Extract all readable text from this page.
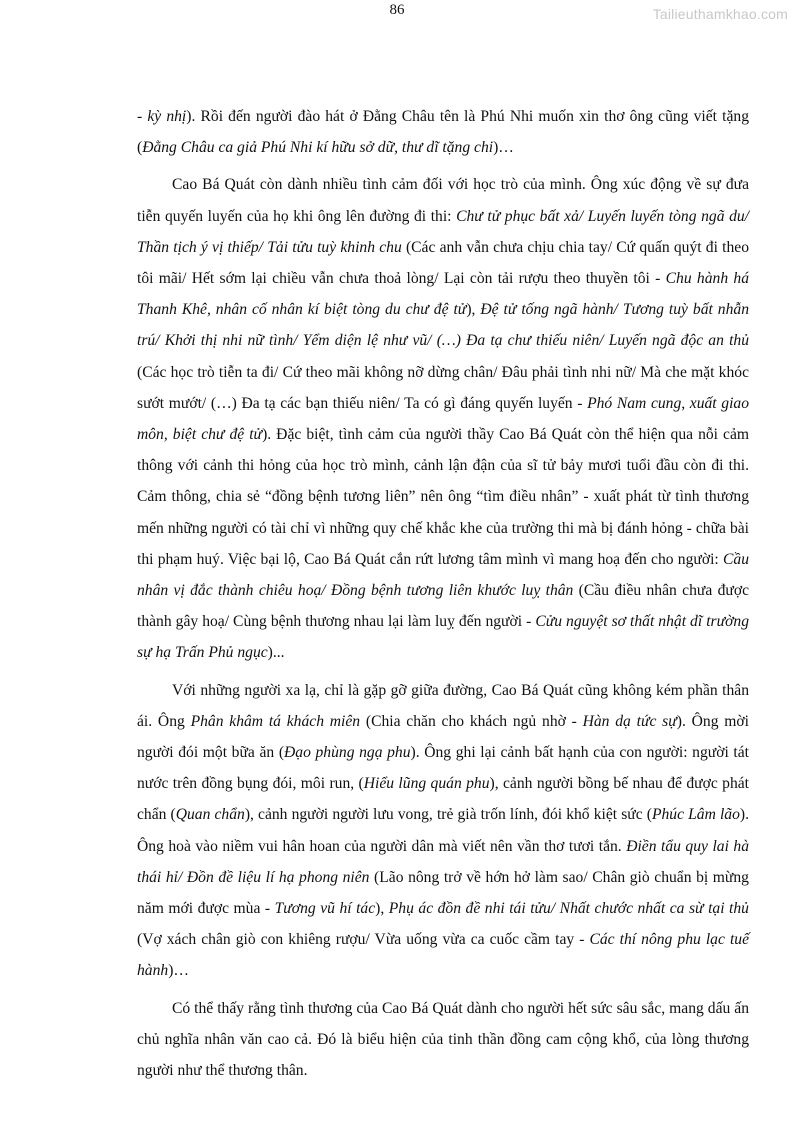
86	Tailieuthamkhao.com

- kỳ nhị). Rồi đến người đào hát ở Đằng Châu tên là Phú Nhi muốn xin thơ ông cũng viết tặng (Đằng Châu ca giả Phú Nhi kí hữu sở dữ, thư dĩ tặng chi)…

Cao Bá Quát còn dành nhiều tình cảm đối với học trò của mình. Ông xúc động về sự đưa tiễn quyến luyến của họ khi ông lên đường đi thi: Chư tử phục bất xả/ Luyến luyến tòng ngã du/ Thần tịch ý vị thiếp/ Tải tửu tuỳ khinh chu (Các anh vẫn chưa chịu chia tay/ Cứ quấn quýt đi theo tôi mãi/ Hết sớm lại chiều vẫn chưa thoả lòng/ Lại còn tải rượu theo thuyền tôi - Chu hành há Thanh Khê, nhân cố nhân kí biệt tòng du chư đệ tử), Đệ tử tống ngã hành/ Tương tuỳ bất nhẫn trú/ Khởi thị nhi nữ tình/ Yểm diện lệ như vũ/ (…) Đa tạ chư thiếu niên/ Luyến ngã độc an thủ (Các học trò tiễn ta đi/ Cứ theo mãi không nỡ dừng chân/ Đâu phải tình nhi nữ/ Mà che mặt khóc sướt mướt/ (…) Đa tạ các bạn thiếu niên/ Ta có gì đáng quyến luyến - Phó Nam cung, xuất giao môn, biệt chư đệ tử). Đặc biệt, tình cảm của người thầy Cao Bá Quát còn thể hiện qua nỗi cảm thông với cảnh thi hỏng của học trò mình, cảnh lận đận của sĩ tử bảy mươi tuổi đầu còn đi thi. Cảm thông, chia sẻ “đồng bệnh tương liên” nên ông “tìm điều nhân” - xuất phát từ tình thương mến những người có tài chỉ vì những quy chế khắc khe của trường thi mà bị đánh hỏng - chữa bài thi phạm huý. Việc bại lộ, Cao Bá Quát cắn rứt lương tâm mình vì mang hoạ đến cho người: Cầu nhân vị đắc thành chiêu hoạ/ Đồng bệnh tương liên khước luỵ thân (Cầu điều nhân chưa được thành gây hoạ/ Cùng bệnh thương nhau lại làm luỵ đến người - Cửu nguyệt sơ thất nhật dĩ trường sự hạ Trấn Phủ ngục)...

Với những người xa lạ, chỉ là gặp gỡ giữa đường, Cao Bá Quát cũng không kém phần thân ái. Ông Phân khâm tá khách miên (Chia chăn cho khách ngủ nhờ - Hàn dạ tức sự). Ông mời người đói một bữa ăn (Đạo phùng ngạ phu). Ông ghi lại cảnh bất hạnh của con người: người tát nước trên đồng bụng đói, môi run, (Hiểu lũng quán phu), cảnh người bồng bế nhau để được phát chẩn (Quan chẩn), cảnh người người lưu vong, trẻ già trốn lính, đói khổ kiệt sức (Phúc Lâm lão). Ông hoà vào niềm vui hân hoan của người dân mà viết nên vần thơ tươi tắn. Điền tẩu quy lai hà thái hỉ/ Đồn đề liệu lí hạ phong niên (Lão nông trở về hớn hở làm sao/ Chân giò chuẩn bị mừng năm mới được mùa - Tương vũ hí tác), Phụ ác đồn đề nhi tái tửu/ Nhất chước nhất ca sừ tại thủ (Vợ xách chân giò con khiêng rượu/ Vừa uống vừa ca cuốc cầm tay - Các thí nông phu lạc tuế hành)…

Có thể thấy rằng tình thương của Cao Bá Quát dành cho người hết sức sâu sắc, mang dấu ấn chủ nghĩa nhân văn cao cả. Đó là biểu hiện của tinh thần đồng cam cộng khổ, của lòng thương người như thể thương thân.
